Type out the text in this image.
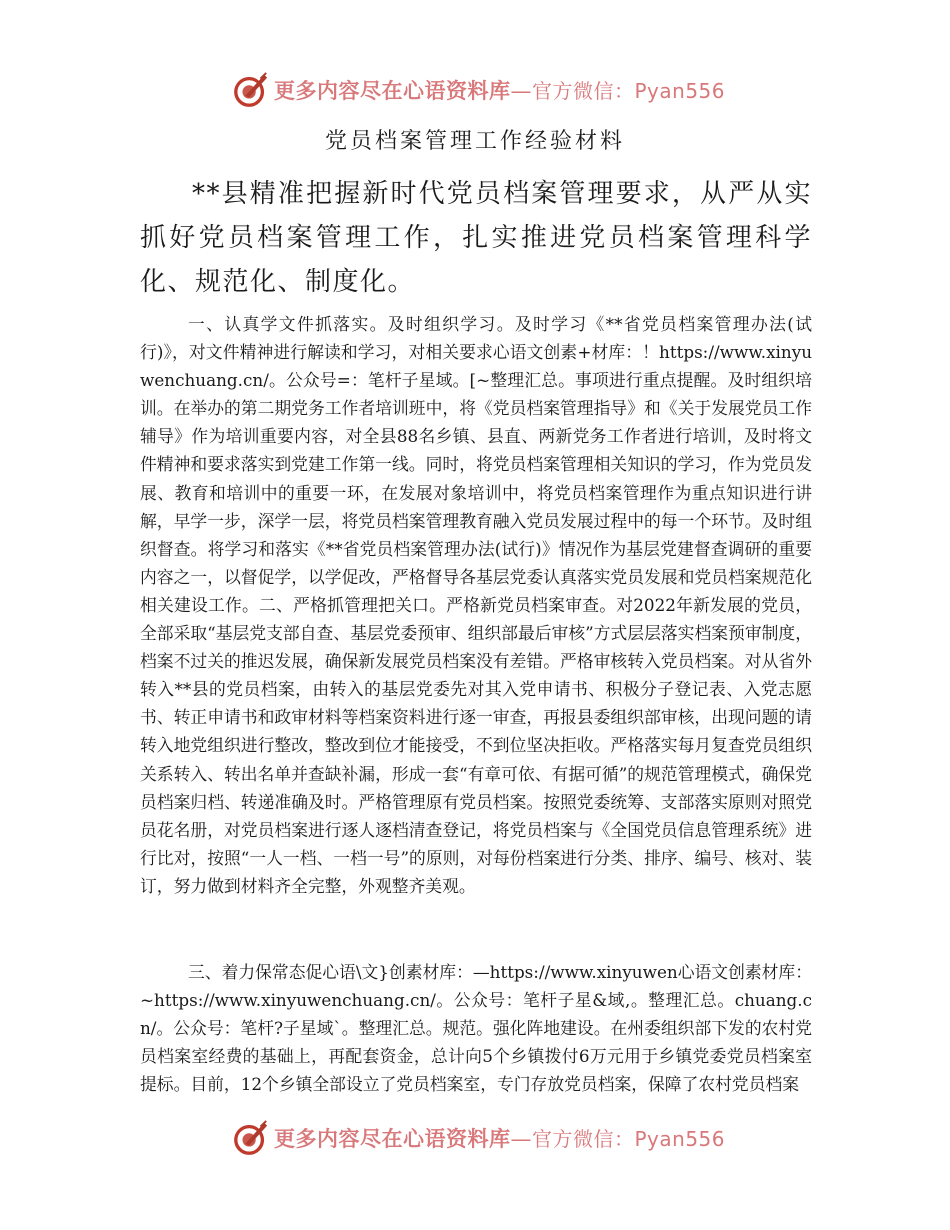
更多内容尽在心语资料库—官方微信：Pyan556
党员档案管理工作经验材料

**县精准把握新时代党员档案管理要求，从严从实抓好党员档案管理工作，扎实推进党员档案管理科学化、规范化、制度化。

一、认真学文件抓落实。及时组织学习。及时学习《**省党员档案管理办法(试行)》，对文件精神进行解读和学习，对相关要求心语文创素+材库：！https://www.xinyuwenchuang.cn/。公众号=：笔杆子星域。[~整理汇总。事项进行重点提醒。及时组织培训。在举办的第二期党务工作者培训班中，将《党员档案管理指导》和《关于发展党员工作辅导》作为培训重要内容，对全县88名乡镇、县直、两新党务工作者进行培训，及时将文件精神和要求落实到党建工作第一线。同时，将党员档案管理相关知识的学习，作为党员发展、教育和培训中的重要一环，在发展对象培训中，将党员档案管理作为重点知识进行讲解，早学一步，深学一层，将党员档案管理教育融入党员发展过程中的每一个环节。及时组织督查。将学习和落实《**省党员档案管理办法(试行)》情况作为基层党建督查调研的重要内容之一，以督促学，以学促改，严格督导各基层党委认真落实党员发展和党员档案规范化相关建设工作。二、严格抓管理把关口。严格新党员档案审查。对2022年新发展的党员，全部采取“基层党支部自查、基层党委预审、组织部最后审核”方式层层落实档案预审制度，档案不过关的推迟发展，确保新发展党员档案没有差错。严格审核转入党员档案。对从省外转入**县的党员档案，由转入的基层党委先对其入党申请书、积极分子登记表、入党志愿书、转正申请书和政审材料等档案资料进行逐一审查，再报县委组织部审核，出现问题的请转入地党组织进行整改，整改到位才能接受，不到位坚决拒收。严格落实每月复查党员组织关系转入、转出名单并查缺补漏，形成一套“有章可依、有据可循”的规范管理模式，确保党员档案归档、转递准确及时。严格管理原有党员档案。按照党委统筹、支部落实原则对照党员花名册，对党员档案进行逐人逐档清查登记，将党员档案与《全国党员信息管理系统》进行比对，按照“一人一档、一档一号”的原则，对每份档案进行分类、排序、编号、核对、装订，努力做到材料齐全完整，外观整齐美观。

三、着力保常态促心语\文}创素材库：—https://www.xinyuwen心语文创素材库：~https://www.xinyuwenchuang.cn/。公众号：笔杆子星&域,。整理汇总。chuang.cn/。公众号：笔杆?子星域`。整理汇总。规范。强化阵地建设。在州委组织部下发的农村党员档案室经费的基础上，再配套资金，总计向5个乡镇拨付6万元用于乡镇党委党员档案室提标。目前，12个乡镇全部设立了党员档案室，专门存放党员档案，保障了农村党员档案

更多内容尽在心语资料库—官方微信：Pyan556
